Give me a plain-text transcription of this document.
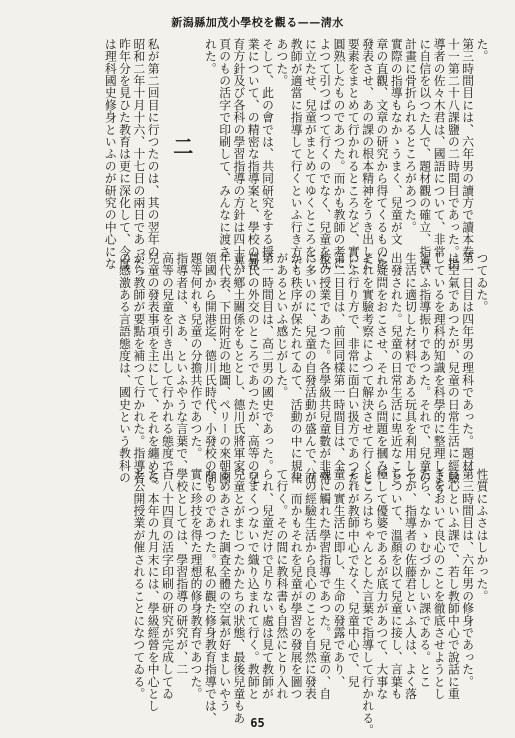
新潟縣加茂小學校を觀る——淸水
た。
第三時間目には、六年男の讀方で讀本卷
十一第二十八課鹽の二時間目であった。指
導者の佐々木君は、國語について、非常
に自信を以つた人で、題材觀の確立、指導
計畫に骨折られるところがあつた。
實際の指導もなかゝうまく、兒童が文
章の直觀、文章の研究から得てくるものを
發表させ、あの課の根本精神をうき出した
要素をまとめて行かれるところなど、實に
圓熟したものであつた。而かも教師の考に
よつて引つぱつて行くのでなく、兒童を先
に立たせ、兒童がまとめてゆくところを、
教師が適當に指導して行くといふ行き方で
あつた。
そして、此の會では、共同研究をする授
業について、の精密な指導案と、學校の教
育方針及び各科の學習指導の方針は四十八
頁のもの活字で印刷して、みんなに渡さ
れた。
二
私が第二回目に行つたのは、其の翌年の
昭和二年十月十六、十七日の兩日であった。
昨年分を見ひた教育は更に深化して、今度
は理科國史修身といふのが研究の中心にな
つてゐた。
第一日目は四年男の理科であった。題材
は空氣であつたが、兒童の日常生活に經驗
しているを理科的知識を科學的に整理しよう
といふ指導振りであつた。それで、兒童の
生活に適切した材料である玩具を利用して
出發された。兒童の日常生活に卑近なこと
に疑問をおこさせ、それから問題を摑み、
それを實驗考察によつて解決させて行くと
いふ行り方で、非常に面白い扱方であつた。
第二日目は、前回同樣第一時間目は、全
校の授業であつた。各學級共兒童數が非常
に多いのに、兒童の自發活動が盛んで、而
かも秩序が保たれてゐて、活動の中に規律
があるといふ感じがした。
第一時間目は、高二男の國史であった。
尊氏の外交のところであつたが、高等の兒
童が鄕土關係をもととし、德川氏將軍家、
年代表、下田附近の地圖、ペリーの來朝國
領國から開港迄、德川氏時代、小發校の問
題等何れも兒童の分擔共作であつた。
指導者は、さあ、といふやうな言葉で、
高等の兒童を引き出して行かれる態度で、
兒童の發表事項を主にして、それを纏める
がら教師が要點を補つて行かれた。指導者
の感激ある言語態度は、國史という教科の
性質にふさはしかった。
第三時間目は、六年男の修身であった。
良心といふ課で、若し教師中心で說話に重
きをおいて良心のことを徹底させようとし
たら、なかゝむづかしい課である。とこ
ろが、指導者の佐藤君といふ人は、よく落
ちついて、溫顏を以て兒童に接し、言葉も
極して優婆であるが底力があつて、大事な
ところはちゃんとした言葉で指導して行かれる。
それが教師中心でなく、兒童中心で、兒
童の實生活に即し、生命の發露であり、
魂に觸れた學習指導であつた。兒童の、自
分の經驗生活から良心のことを自然に發表
し、而かもそれを兒童が學習の發展を圖つ
て行く。その間に教科書も自然にとり入れ
られ、兒童だけで足りない處は見て教師が
うまくつないで織り込まれて行く。教師と
兒童とがまじつたかたちの狀態、最後兒童もあ
るめあされた調査全體の空氣が好ましいやう
なものであつた。私の觀た修身教育指導では、
實に珍技を得た理想的修身教育であつた。
學校としては、學習指導の研究が、二
百八十四頁の活字印刷の研究が完成してゐ
た。本年の九月末には、學級經營を中心とし
た公開授業が催されることになつてゐる。
65
